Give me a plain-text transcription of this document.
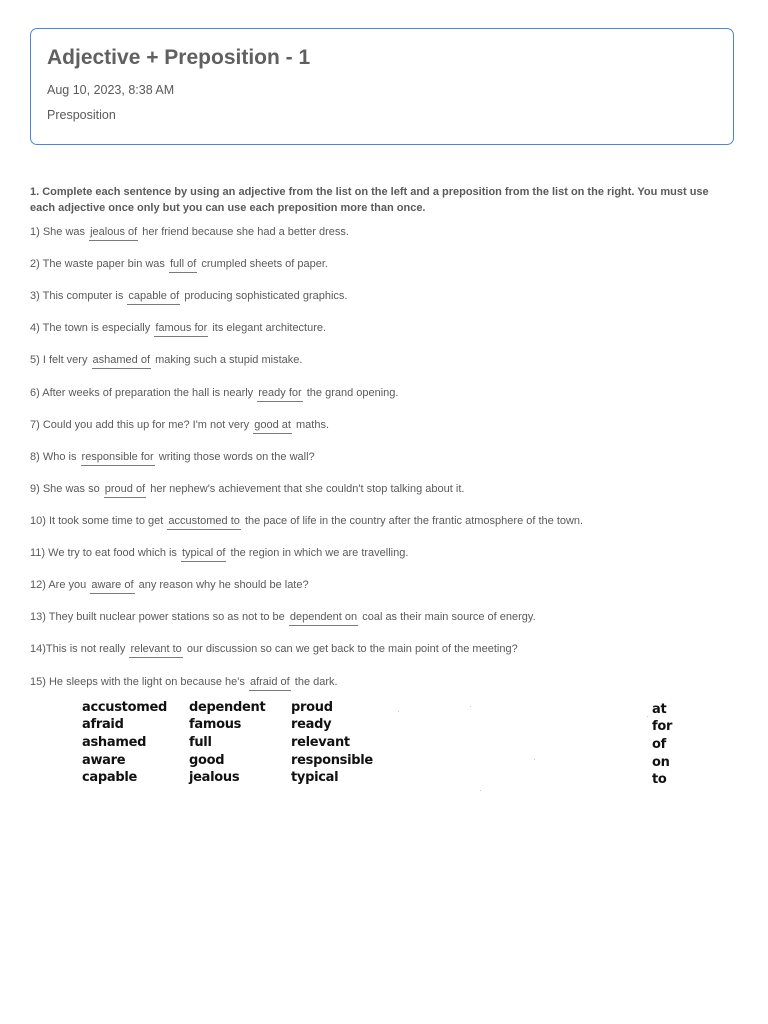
Adjective + Preposition - 1
Aug 10, 2023, 8:38 AM
Presposition
1. Complete each sentence by using an adjective from the list on the left and a preposition from the list on the right. You must use each adjective once only but you can use each preposition more than once.
1) She was jealous of her friend because she had a better dress.
2) The waste paper bin was full of crumpled sheets of paper.
3) This computer is capable of producing sophisticated graphics.
4) The town is especially famous for its elegant architecture.
5) I felt very ashamed of making such a stupid mistake.
6) After weeks of preparation the hall is nearly ready for the grand opening.
7) Could you add this up for me? I'm not very good at maths.
8) Who is responsible for writing those words on the wall?
9) She was so proud of her nephew's achievement that she couldn't stop talking about it.
10) It took some time to get accustomed to the pace of life in the country after the frantic atmosphere of the town.
11) We try to eat food which is typical of the region in which we are travelling.
12) Are you aware of any reason why he should be late?
13) They built nuclear power stations so as not to be dependent on coal as their main source of energy.
14)This is not really relevant to our discussion so can we get back to the main point of the meeting?
15) He sleeps with the light on because he's afraid of the dark.
accustomed
afraid
ashamed
aware
capable
dependent
famous
full
good
jealous
proud
ready
relevant
responsible
typical
at
for
of
on
to
